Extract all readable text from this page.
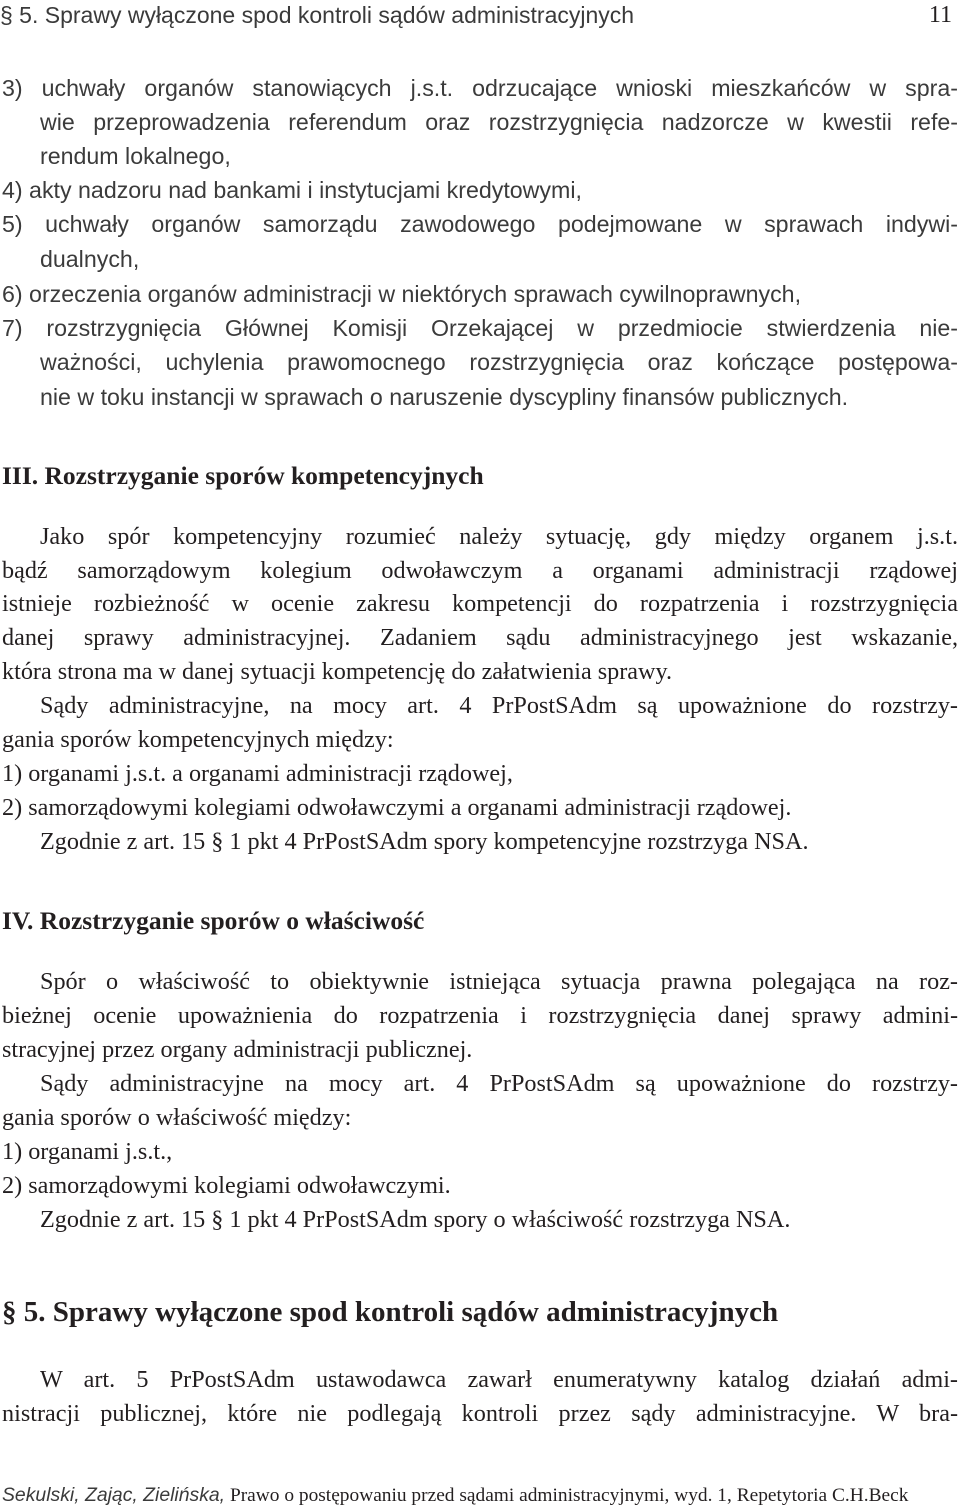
§ 5. Sprawy wyłączone spod kontroli sądów administracyjnych	11
3) uchwały organów stanowiących j.s.t. odrzucające wnioski mieszkańców w spra-
wie przeprowadzenia referendum oraz rozstrzygnięcia nadzorcze w kwestii refe-
rendum lokalnego,
4) akty nadzoru nad bankami i instytucjami kredytowymi,
5) uchwały organów samorządu zawodowego podejmowane w sprawach indywi-
dualnych,
6) orzeczenia organów administracji w niektórych sprawach cywilnoprawnych,
7) rozstrzygnięcia Głównej Komisji Orzekającej w przedmiocie stwierdzenia nie-
ważności, uchylenia prawomocnego rozstrzygnięcia oraz kończące postępowa-
nie w toku instancji w sprawach o naruszenie dyscypliny finansów publicznych.
III. Rozstrzyganie sporów kompetencyjnych
Jako spór kompetencyjny rozumieć należy sytuację, gdy między organem j.s.t.
bądź samorządowym kolegium odwoławczym a organami administracji rządowej
istnieje rozbieżność w ocenie zakresu kompetencji do rozpatrzenia i rozstrzygnięcia
danej sprawy administracyjnej. Zadaniem sądu administracyjnego jest wskazanie,
która strona ma w danej sytuacji kompetencję do załatwienia sprawy.
Sądy administracyjne, na mocy art. 4 PrPostSAdm są upoważnione do rozstrzy-
gania sporów kompetencyjnych między:
1) organami j.s.t. a organami administracji rządowej,
2) samorządowymi kolegiami odwoławczymi a organami administracji rządowej.
Zgodnie z art. 15 § 1 pkt 4 PrPostSAdm spory kompetencyjne rozstrzyga NSA.
IV. Rozstrzyganie sporów o właściwość
Spór o właściwość to obiektywnie istniejąca sytuacja prawna polegająca na roz-
bieżnej ocenie upoważnienia do rozpatrzenia i rozstrzygnięcia danej sprawy admini-
stracyjnej przez organy administracji publicznej.
Sądy administracyjne na mocy art. 4 PrPostSAdm są upoważnione do rozstrzy-
gania sporów o właściwość między:
1) organami j.s.t.,
2) samorządowymi kolegiami odwoławczymi.
Zgodnie z art. 15 § 1 pkt 4 PrPostSAdm spory o właściwość rozstrzyga NSA.
§ 5. Sprawy wyłączone spod kontroli sądów administracyjnych
W art. 5 PrPostSAdm ustawodawca zawarł enumeratywny katalog działań admi-
nistracji publicznej, które nie podlegają kontroli przez sądy administracyjne. W bra-
Sekulski, Zając, Zielińska, Prawo o postępowaniu przed sądami administracyjnymi, wyd. 1, Repetytoria C.H.Beck
